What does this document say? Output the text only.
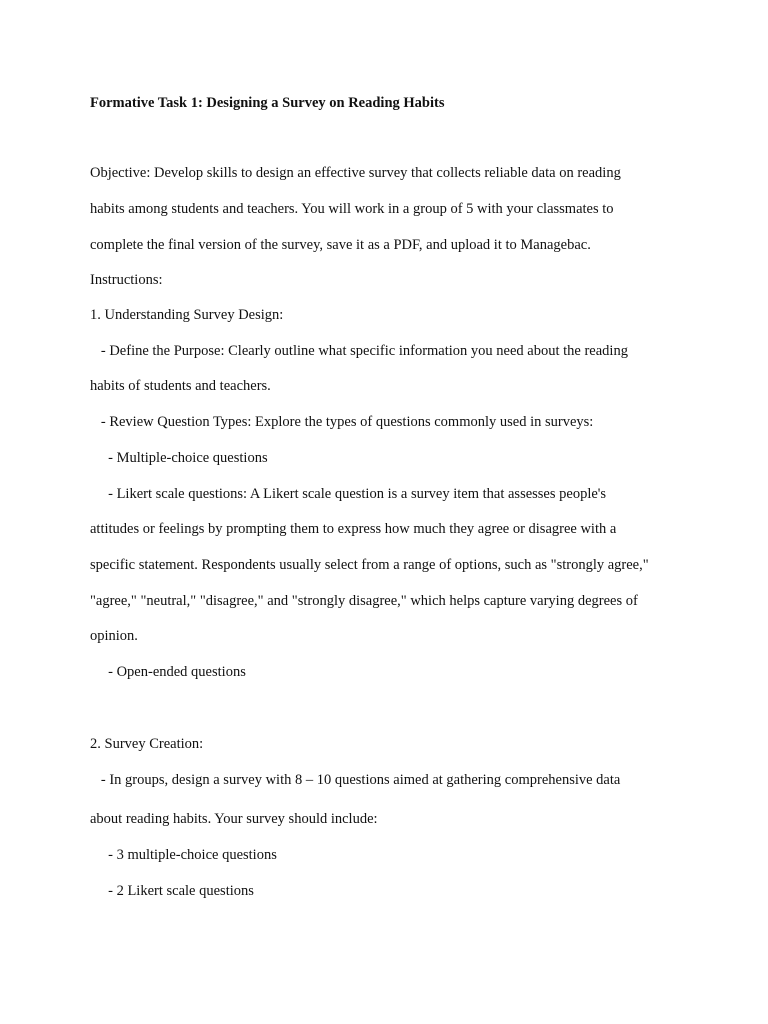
Formative Task 1: Designing a Survey on Reading Habits
Objective: Develop skills to design an effective survey that collects reliable data on reading
habits among students and teachers. You will work in a group of 5 with your classmates to
complete the final version of the survey, save it as a PDF, and upload it to Managebac.
Instructions:
1. Understanding Survey Design:
- Define the Purpose: Clearly outline what specific information you need about the reading
habits of students and teachers.
- Review Question Types: Explore the types of questions commonly used in surveys:
- Multiple-choice questions
- Likert scale questions: A Likert scale question is a survey item that assesses people's
attitudes or feelings by prompting them to express how much they agree or disagree with a
specific statement. Respondents usually select from a range of options, such as "strongly agree,"
"agree," "neutral," "disagree," and "strongly disagree," which helps capture varying degrees of
opinion.
- Open-ended questions
2. Survey Creation:
- In groups, design a survey with 8 – 10 questions aimed at gathering comprehensive data
about reading habits. Your survey should include:
- 3 multiple-choice questions
- 2 Likert scale questions
